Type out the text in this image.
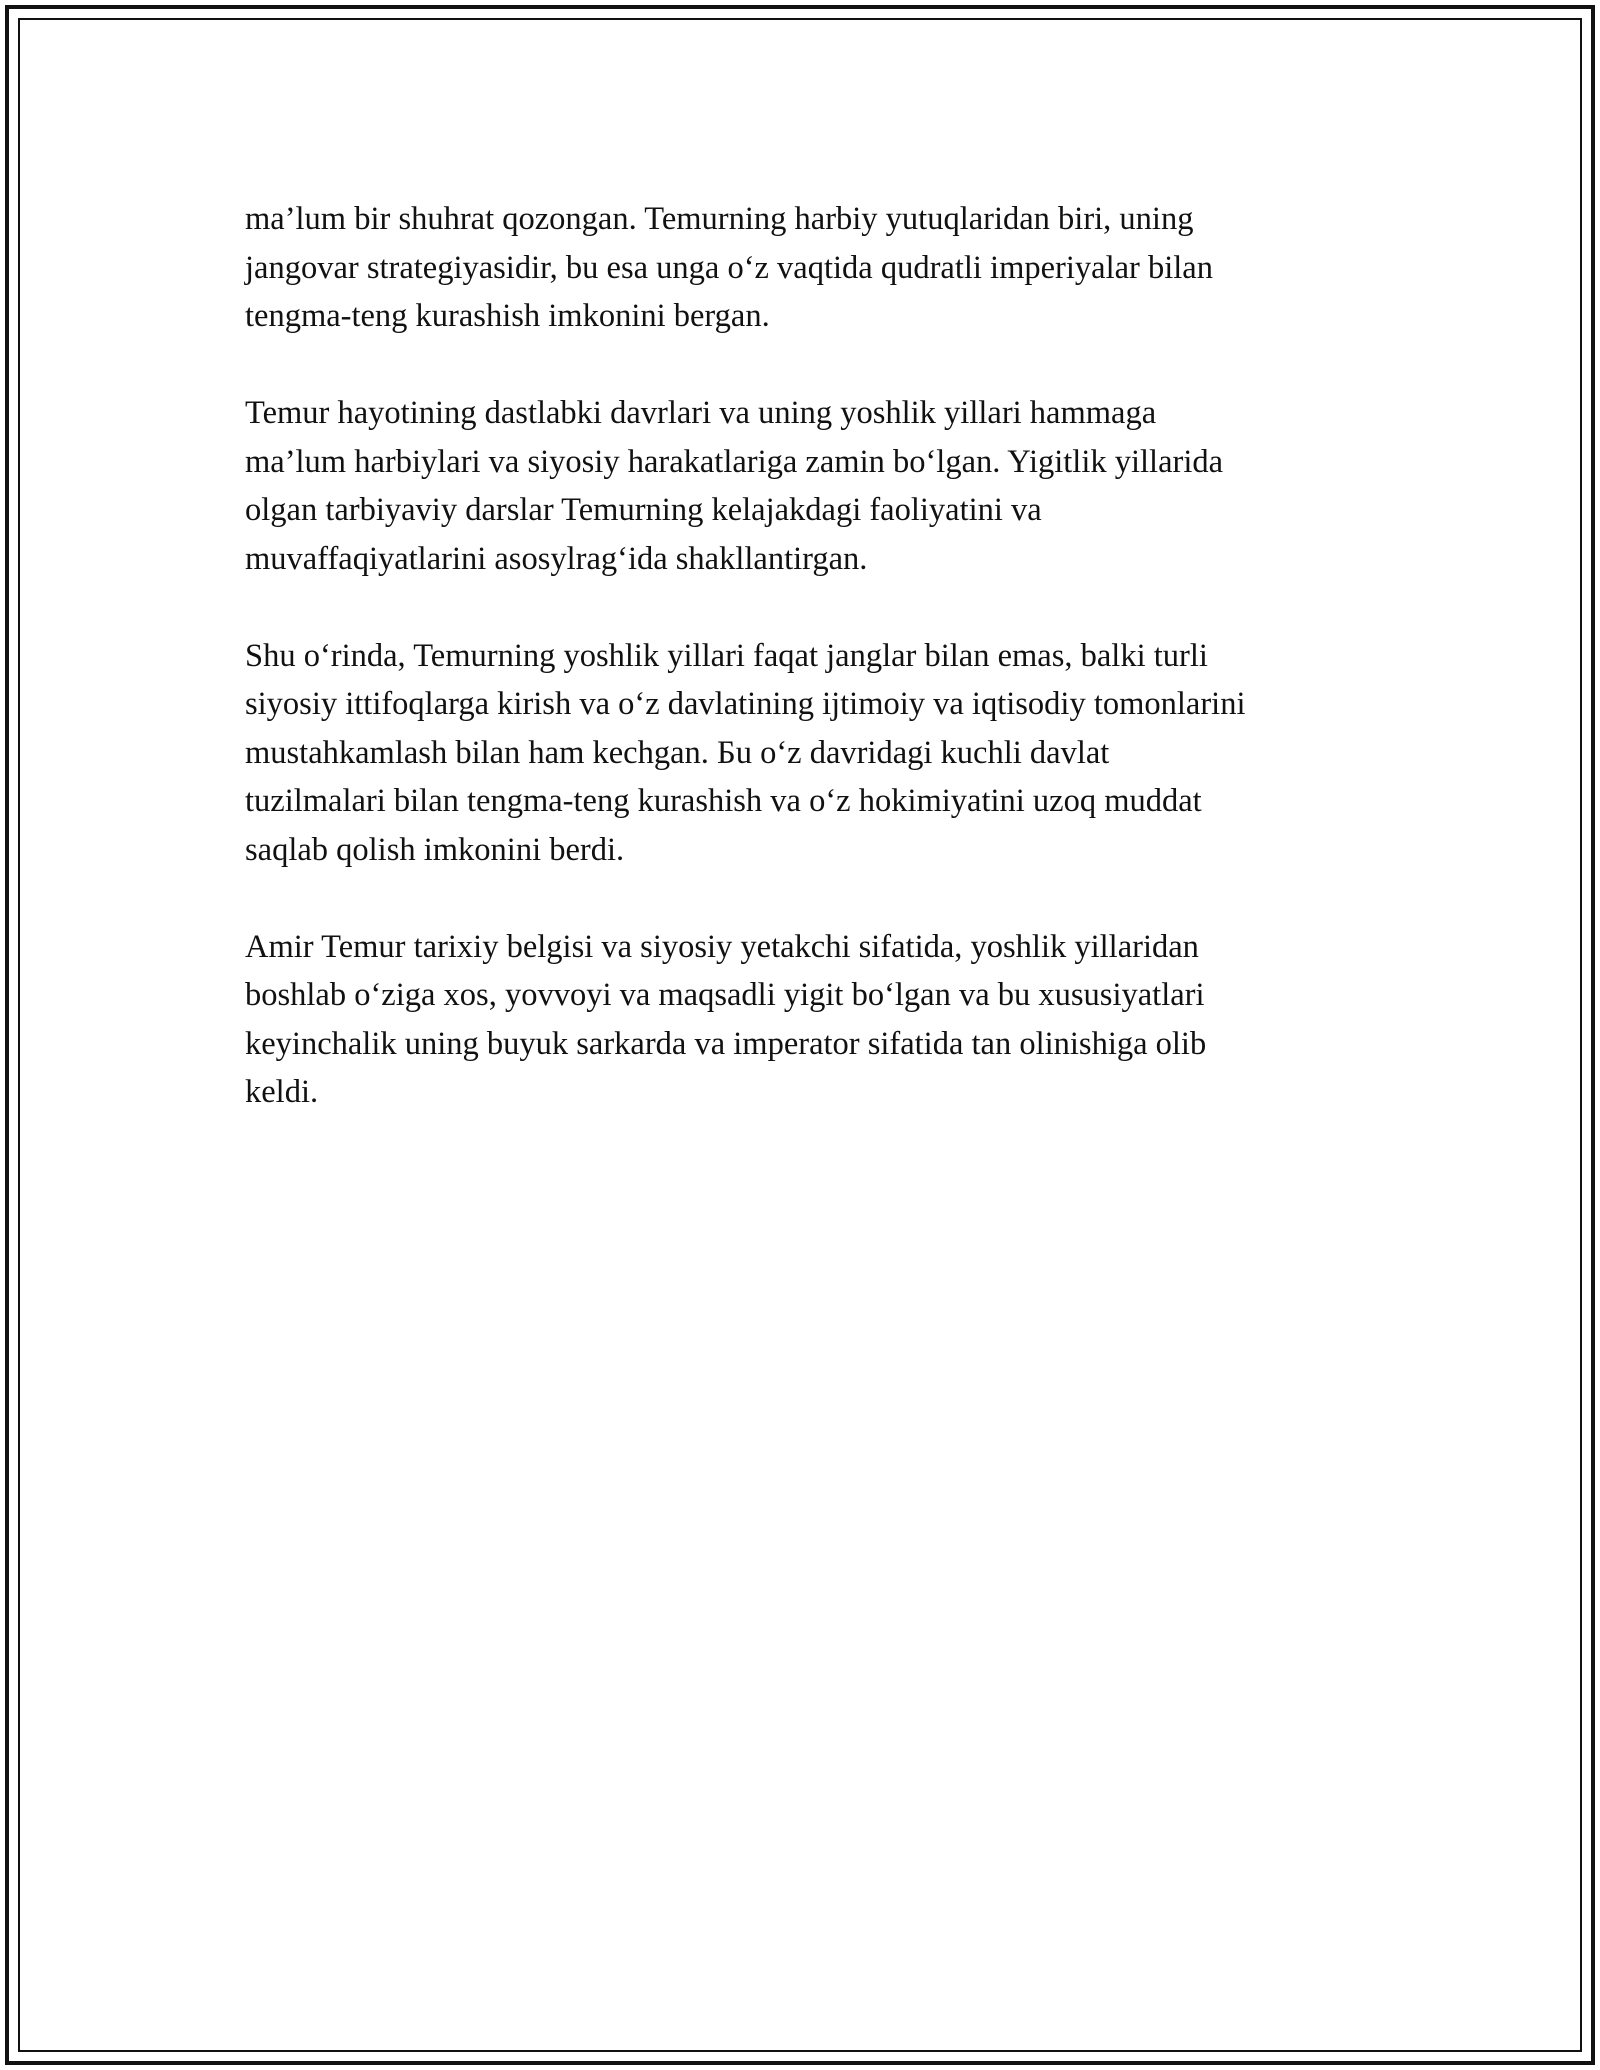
ma’lum bir shuhrat qozongan. Temurning harbiy yutuqlaridan biri, uning
jangovar strategiyasidir, bu esa unga o‘z vaqtida qudratli imperiyalar bilan
tengma-teng kurashish imkonini bergan.

Temur hayotining dastlabki davrlari va uning yoshlik yillari hammaga
ma’lum harbiylari va siyosiy harakatlariga zamin bo‘lgan. Yigitlik yillarida
olgan tarbiyaviy darslar Temurning kelajakdagi faoliyatini va
muvaffaqiyatlarini asosylrag‘ida shakllantirgan.

Shu o‘rinda, Temurning yoshlik yillari faqat janglar bilan emas, balki turli
siyosiy ittifoqlarga kirish va o‘z davlatining ijtimoiy va iqtisodiy tomonlarini
mustahkamlash bilan ham kechgan. Бu o‘z davridagi kuchli davlat
tuzilmalari bilan tengma-teng kurashish va o‘z hokimiyatini uzoq muddat
saqlab qolish imkonini berdi.

Amir Temur tarixiy belgisi va siyosiy yetakchi sifatida, yoshlik yillaridan
boshlab o‘ziga xos, yovvoyi va maqsadli yigit bo‘lgan va bu xususiyatlari
keyinchalik uning buyuk sarkarda va imperator sifatida tan olinishiga olib
keldi.
